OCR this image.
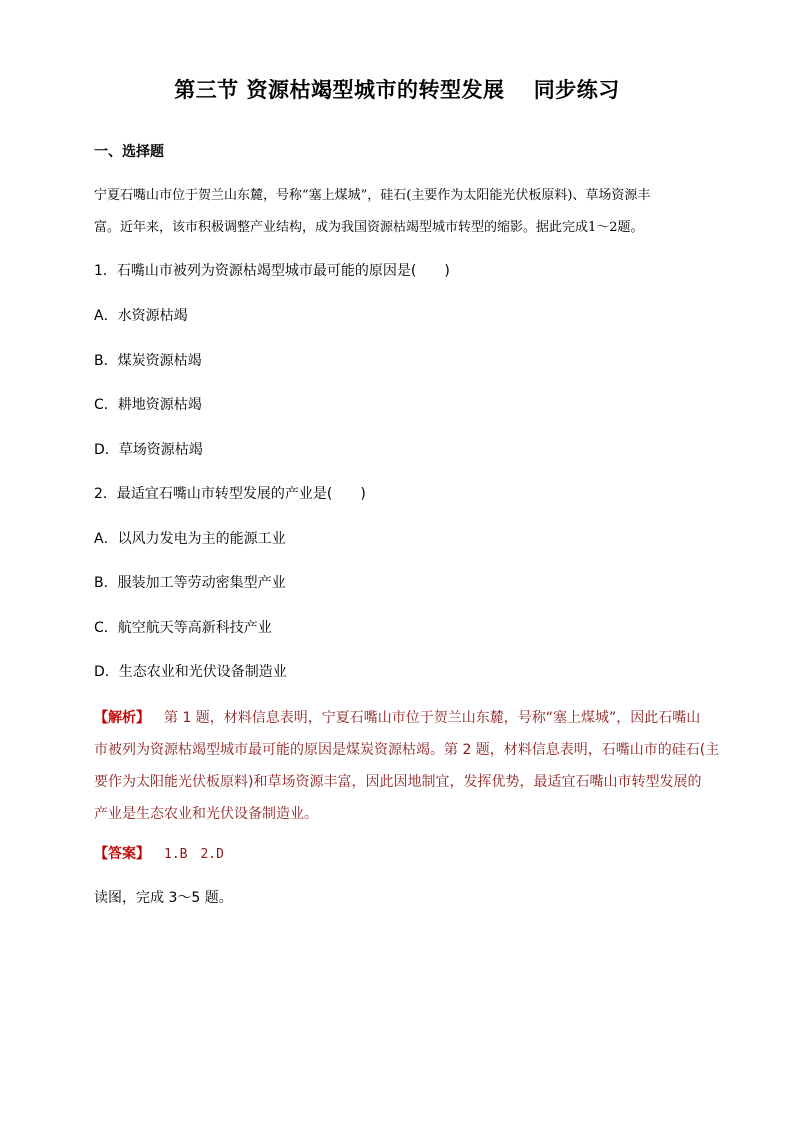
第三节 资源枯竭型城市的转型发展　 同步练习
一、选择题

宁夏石嘴山市位于贺兰山东麓，号称“塞上煤城”，硅石(主要作为太阳能光伏板原料)、草场资源丰

富。近年来，该市积极调整产业结构，成为我国资源枯竭型城市转型的缩影。据此完成1～2题。

1．石嘴山市被列为资源枯竭型城市最可能的原因是(　　)
A．水资源枯竭
B．煤炭资源枯竭
C．耕地资源枯竭
D．草场资源枯竭
2．最适宜石嘴山市转型发展的产业是(　　)
A．以风力发电为主的能源工业
B．服装加工等劳动密集型产业
C．航空航天等高新科技产业
D．生态农业和光伏设备制造业

【解析】 第 1 题，材料信息表明，宁夏石嘴山市位于贺兰山东麓，号称“塞上煤城”，因此石嘴山

市被列为资源枯竭型城市最可能的原因是煤炭资源枯竭。第 2 题，材料信息表明，石嘴山市的硅石(主

要作为太阳能光伏板原料)和草场资源丰富，因此因地制宜，发挥优势，最适宜石嘴山市转型发展的

产业是生态农业和光伏设备制造业。

【答案】 1.B　2.D
读图，完成 3～5 题。
